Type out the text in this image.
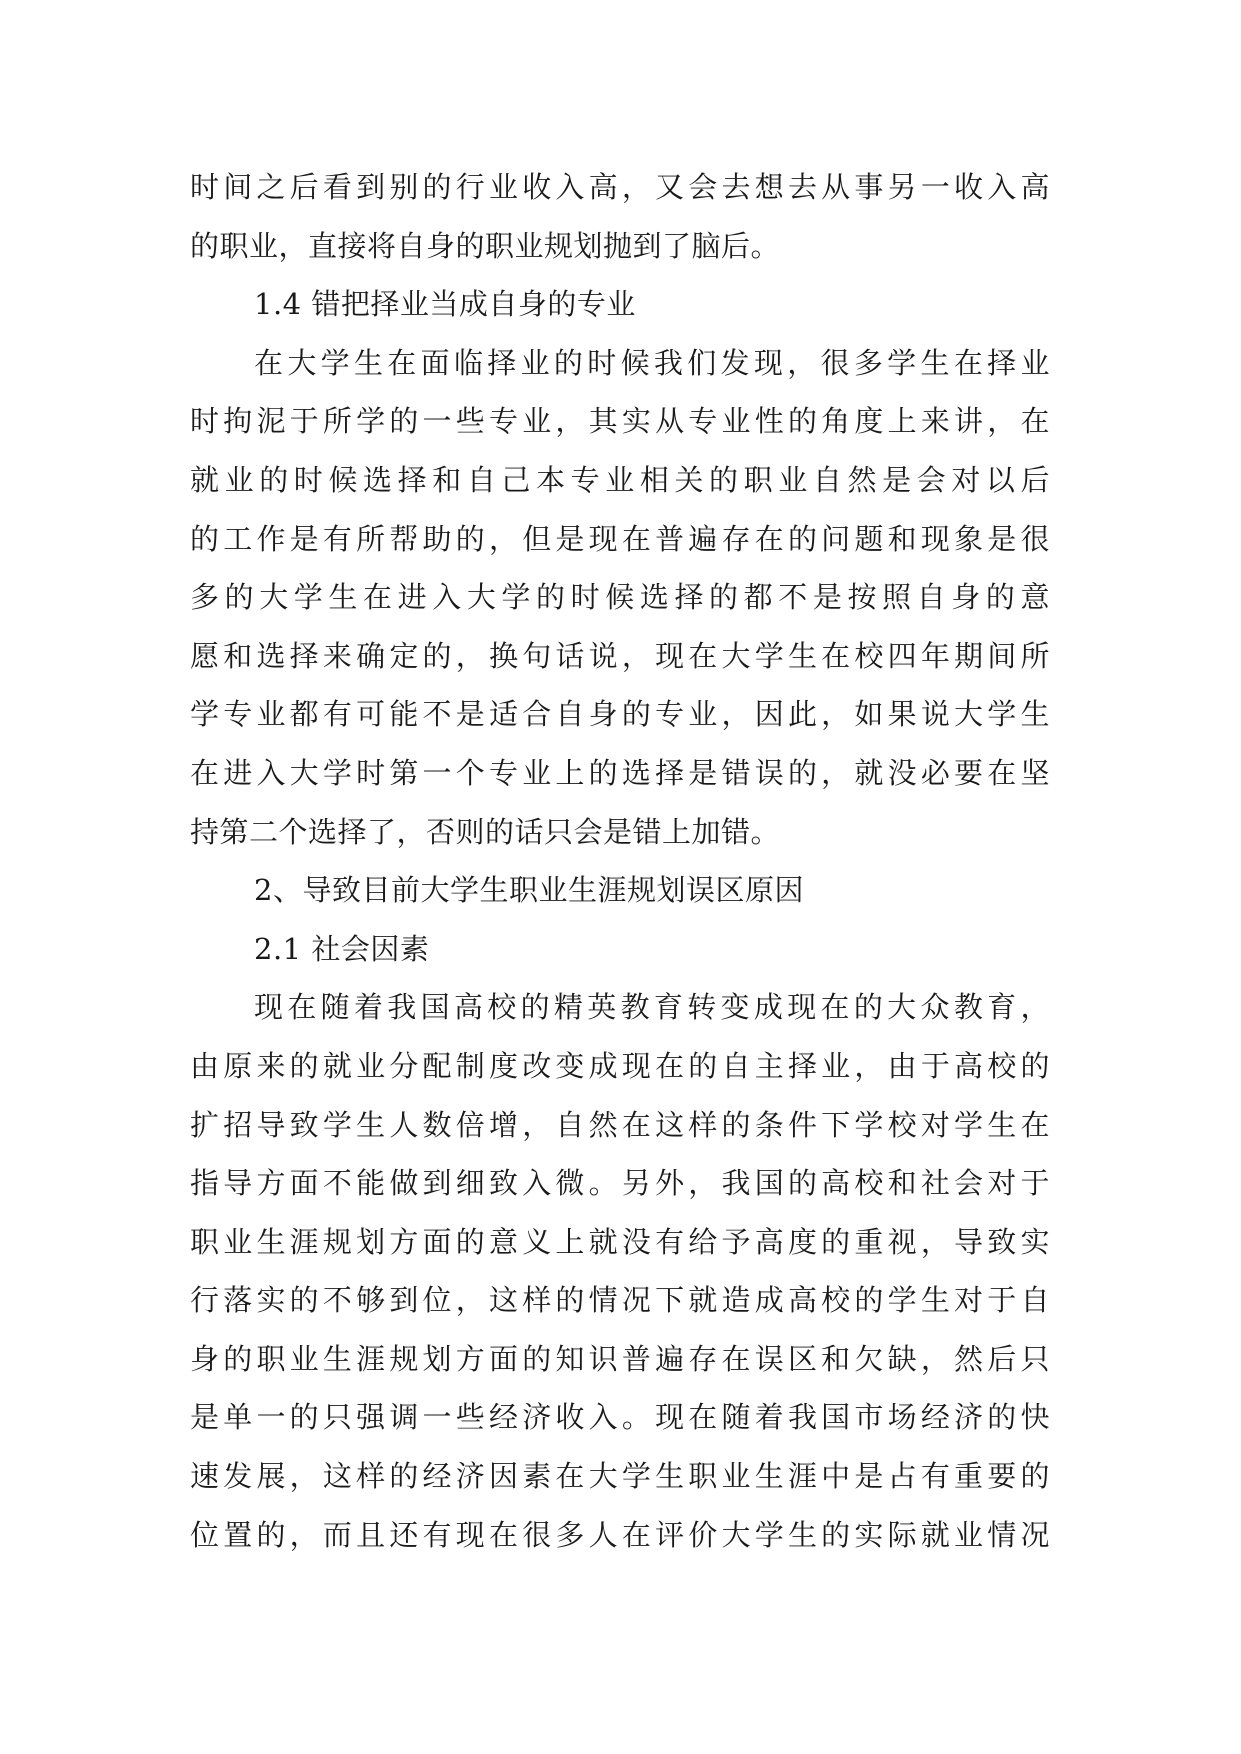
时间之后看到别的行业收入高，又会去想去从事另一收入高
的职业，直接将自身的职业规划抛到了脑后。
1.4 错把择业当成自身的专业
在大学生在面临择业的时候我们发现，很多学生在择业
时拘泥于所学的一些专业，其实从专业性的角度上来讲，在
就业的时候选择和自己本专业相关的职业自然是会对以后
的工作是有所帮助的，但是现在普遍存在的问题和现象是很
多的大学生在进入大学的时候选择的都不是按照自身的意
愿和选择来确定的，换句话说，现在大学生在校四年期间所
学专业都有可能不是适合自身的专业，因此，如果说大学生
在进入大学时第一个专业上的选择是错误的，就没必要在坚
持第二个选择了，否则的话只会是错上加错。
2、导致目前大学生职业生涯规划误区原因
2.1 社会因素
现在随着我国高校的精英教育转变成现在的大众教育，
由原来的就业分配制度改变成现在的自主择业，由于高校的
扩招导致学生人数倍增，自然在这样的条件下学校对学生在
指导方面不能做到细致入微。另外，我国的高校和社会对于
职业生涯规划方面的意义上就没有给予高度的重视，导致实
行落实的不够到位，这样的情况下就造成高校的学生对于自
身的职业生涯规划方面的知识普遍存在误区和欠缺，然后只
是单一的只强调一些经济收入。现在随着我国市场经济的快
速发展，这样的经济因素在大学生职业生涯中是占有重要的
位置的，而且还有现在很多人在评价大学生的实际就业情况
